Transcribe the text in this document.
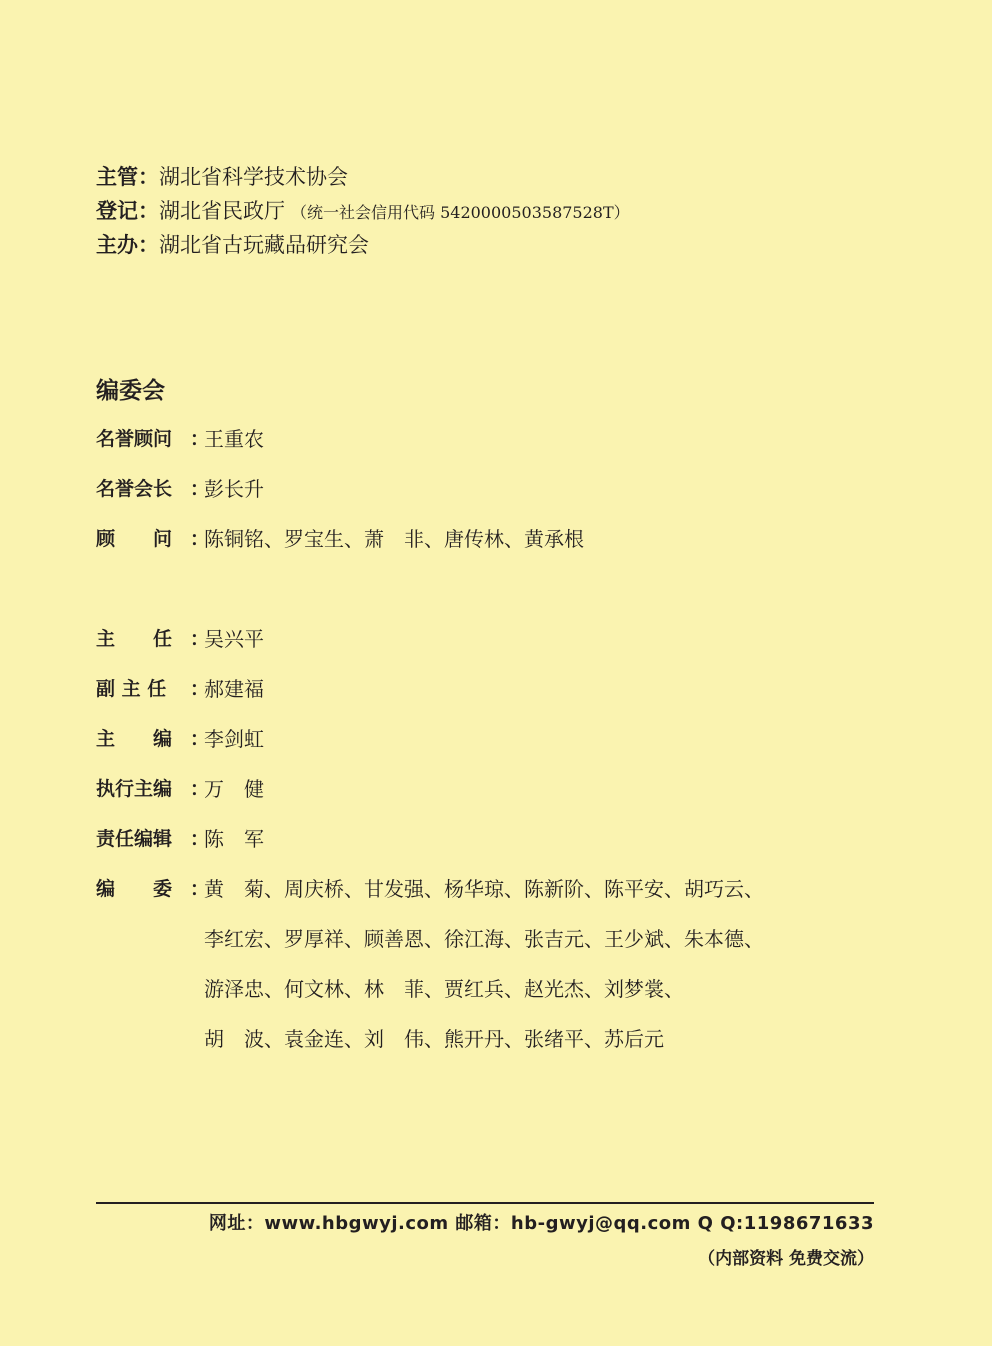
主管：湖北省科学技术协会
登记：湖北省民政厅 （统一社会信用代码 5420000503587528T）
主办：湖北省古玩藏品研究会
编委会
名誉顾问 ：
王重农
名誉会长 ：
彭长升
顾　　问 ：
陈铜铭、罗宝生、萧　非、唐传林、黄承根
主　　任 ：
吴兴平
副 主 任	：
郝建福
主　　编 ：
李剑虹
执行主编 ：
万　健
责任编辑 ：
陈　军
编　　委 ：
黄　菊、周庆桥、甘发强、杨华琼、陈新阶、陈平安、胡巧云、
李红宏、罗厚祥、顾善恩、徐江海、张吉元、王少斌、朱本德、
游泽忠、何文林、林　菲、贾红兵、赵光杰、刘梦裳、
胡　波、袁金连、刘　伟、熊开丹、张绪平、苏后元
网址：www.hbgwyj.com 邮箱：hb-gwyj@qq.com Q Q:1198671633
（内部资料 免费交流）
